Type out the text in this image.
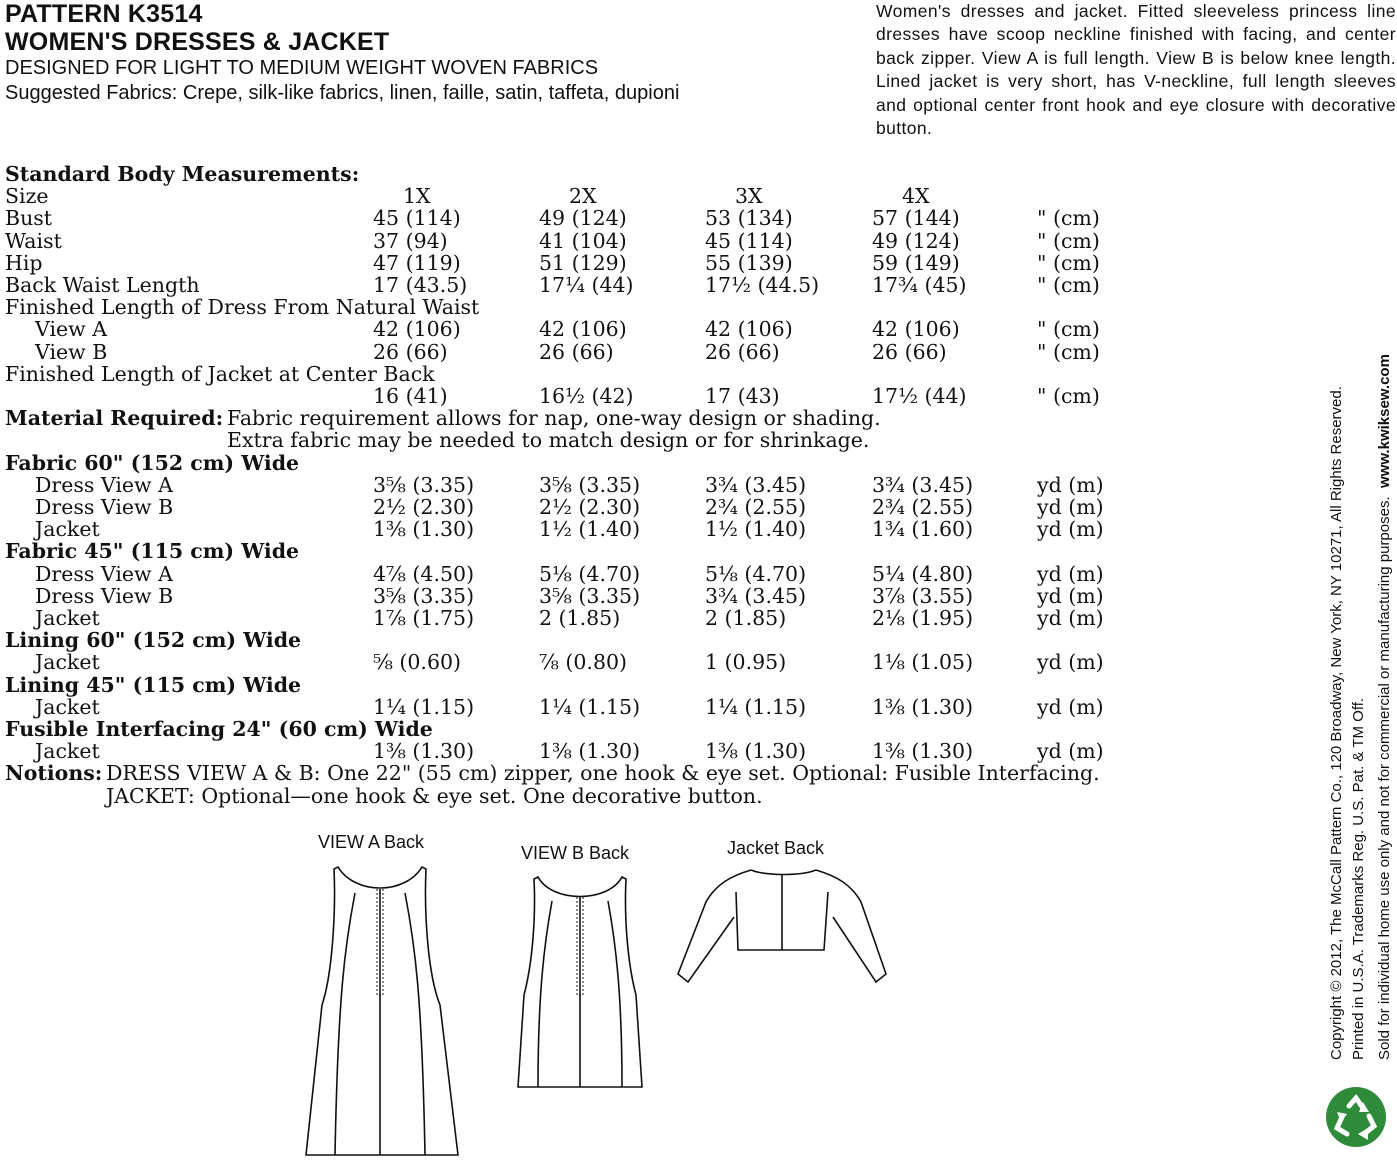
PATTERN K3514
WOMEN'S DRESSES & JACKET
DESIGNED FOR LIGHT TO MEDIUM WEIGHT WOVEN FABRICS
Suggested Fabrics: Crepe, silk-like fabrics, linen, faille, satin, taffeta, dupioni
Women's dresses and jacket. Fitted sleeveless princess line dresses have scoop neckline finished with facing, and center back zipper. View A is full length. View B is below knee length. Lined jacket is very short, has V-neckline, full length sleeves and optional center front hook and eye closure with decorative button.
Standard Body Measurements:
Size	1X	2X	3X	4X
Bust	45 (114)	49 (124)	53 (134)	57 (144)	" (cm)
Waist	37 (94)	41 (104)	45 (114)	49 (124)	" (cm)
Hip	47 (119)	51 (129)	55 (139)	59 (149)	" (cm)
Back Waist Length	17 (43.5)	17¼ (44)	17½ (44.5)	17¾ (45)	" (cm)
Finished Length of Dress From Natural Waist
View A	42 (106)	42 (106)	42 (106)	42 (106)	" (cm)
View B	26 (66)	26 (66)	26 (66)	26 (66)	" (cm)
Finished Length of Jacket at Center Back
16 (41)	16½ (42)	17 (43)	17½ (44)	" (cm)
Material Required: Fabric requirement allows for nap, one-way design or shading.
Extra fabric may be needed to match design or for shrinkage.
Fabric 60" (152 cm) Wide
Dress View A	3⅝ (3.35)	3⅝ (3.35)	3¾ (3.45)	3¾ (3.45)	yd (m)
Dress View B	2½ (2.30)	2½ (2.30)	2¾ (2.55)	2¾ (2.55)	yd (m)
Jacket	1⅜ (1.30)	1½ (1.40)	1½ (1.40)	1¾ (1.60)	yd (m)
Fabric 45" (115 cm) Wide
Dress View A	4⅞ (4.50)	5⅛ (4.70)	5⅛ (4.70)	5¼ (4.80)	yd (m)
Dress View B	3⅝ (3.35)	3⅝ (3.35)	3¾ (3.45)	3⅞ (3.55)	yd (m)
Jacket	1⅞ (1.75)	2 (1.85)	2 (1.85)	2⅛ (1.95)	yd (m)
Lining 60" (152 cm) Wide
Jacket	⅝ (0.60)	⅞ (0.80)	1 (0.95)	1⅛ (1.05)	yd (m)
Lining 45" (115 cm) Wide
Jacket	1¼ (1.15)	1¼ (1.15)	1¼ (1.15)	1⅜ (1.30)	yd (m)
Fusible Interfacing 24" (60 cm) Wide
Jacket	1⅜ (1.30)	1⅜ (1.30)	1⅜ (1.30)	1⅜ (1.30)	yd (m)
Notions: DRESS VIEW A & B: One 22" (55 cm) zipper, one hook & eye set. Optional: Fusible Interfacing.
JACKET: Optional—one hook & eye set. One decorative button.
VIEW A Back
VIEW B Back	Jacket Back	Copyright © 2012, The McCall Pattern Co., 120 Broadway, New York, NY 10271, All Rights Reserved. Printed in U.S.A. Trademarks Reg. U.S. Pat. & TM Off. Sold for individual home use only and not for commercial or manufacturing purposes.  www.kwiksew.com
